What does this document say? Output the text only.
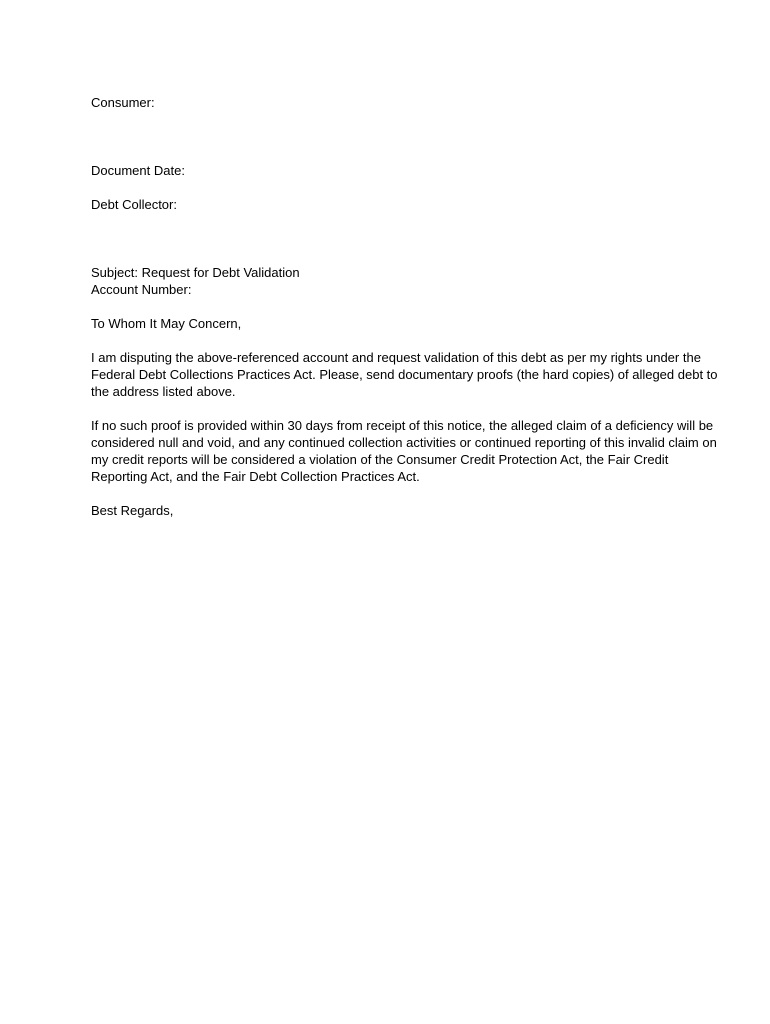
Consumer:

Document Date:

Debt Collector:

Subject: Request for Debt Validation

Account Number:

To Whom It May Concern,

I am disputing the above-referenced account and request validation of this debt as per my rights under the

Federal Debt Collections Practices Act. Please, send documentary proofs (the hard copies) of alleged debt to

the address listed above.

If no such proof is provided within 30 days from receipt of this notice, the alleged claim of a deficiency will be

considered null and void, and any continued collection activities or continued reporting of this invalid claim on

my credit reports will be considered a violation of the Consumer Credit Protection Act, the Fair Credit

Reporting Act, and the Fair Debt Collection Practices Act.

Best Regards,
